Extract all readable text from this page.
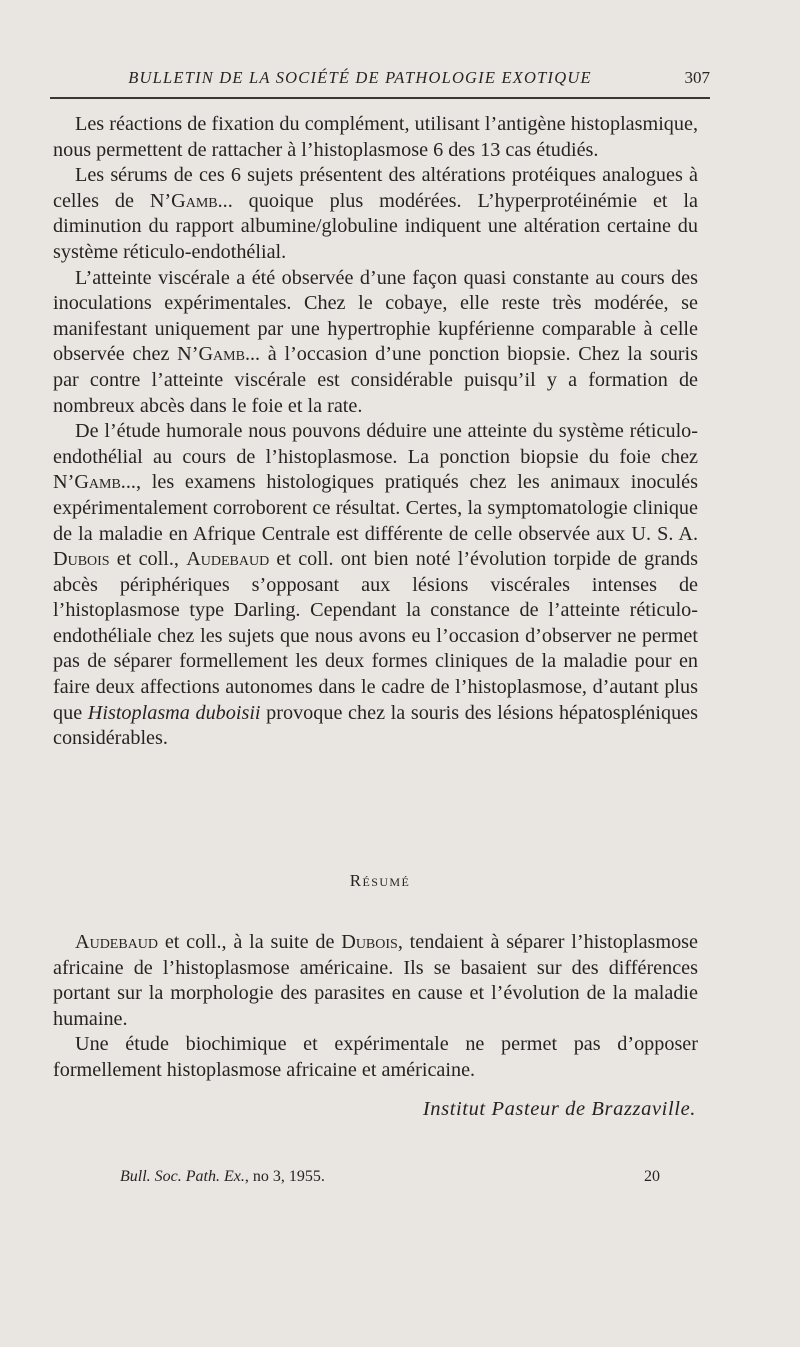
BULLETIN DE LA SOCIÉTÉ DE PATHOLOGIE EXOTIQUE	307

Les réactions de fixation du complément, utilisant l’antigène histoplasmique, nous permettent de rattacher à l’histoplasmose 6 des 13 cas étudiés.

Les sérums de ces 6 sujets présentent des altérations protéiques analogues à celles de N’Gamb... quoique plus modérées. L’hyperprotéinémie et la diminution du rapport albumine/globuline indiquent une altération certaine du système réticulo-endothélial.

L’atteinte viscérale a été observée d’une façon quasi constante au cours des inoculations expérimentales. Chez le cobaye, elle reste très modérée, se manifestant uniquement par une hypertrophie kupférienne comparable à celle observée chez N’Gamb... à l’occasion d’une ponction biopsie. Chez la souris par contre l’atteinte viscérale est considérable puisqu’il y a formation de nombreux abcès dans le foie et la rate.

De l’étude humorale nous pouvons déduire une atteinte du système réticulo-endothélial au cours de l’histoplasmose. La ponction biopsie du foie chez N’Gamb..., les examens histologiques pratiqués chez les animaux inoculés expérimentalement corroborent ce résultat. Certes, la symptomatologie clinique de la maladie en Afrique Centrale est différente de celle observée aux U. S. A. Dubois et coll., Audebaud et coll. ont bien noté l’évolution torpide de grands abcès périphériques s’opposant aux lésions viscérales intenses de l’histoplasmose type Darling. Cependant la constance de l’atteinte réticulo-endothéliale chez les sujets que nous avons eu l’occasion d’observer ne permet pas de séparer formellement les deux formes cliniques de la maladie pour en faire deux affections autonomes dans le cadre de l’histoplasmose, d’autant plus que Histoplasma duboisii provoque chez la souris des lésions hépatospléniques considérables.

Résumé

Audebaud et coll., à la suite de Dubois, tendaient à séparer l’histoplasmose africaine de l’histoplasmose américaine. Ils se basaient sur des différences portant sur la morphologie des parasites en cause et l’évolution de la maladie humaine.

Une étude biochimique et expérimentale ne permet pas d’opposer formellement histoplasmose africaine et américaine.

Institut Pasteur de Brazzaville.
Bull. Soc. Path. Ex., no 3, 1955.	20
